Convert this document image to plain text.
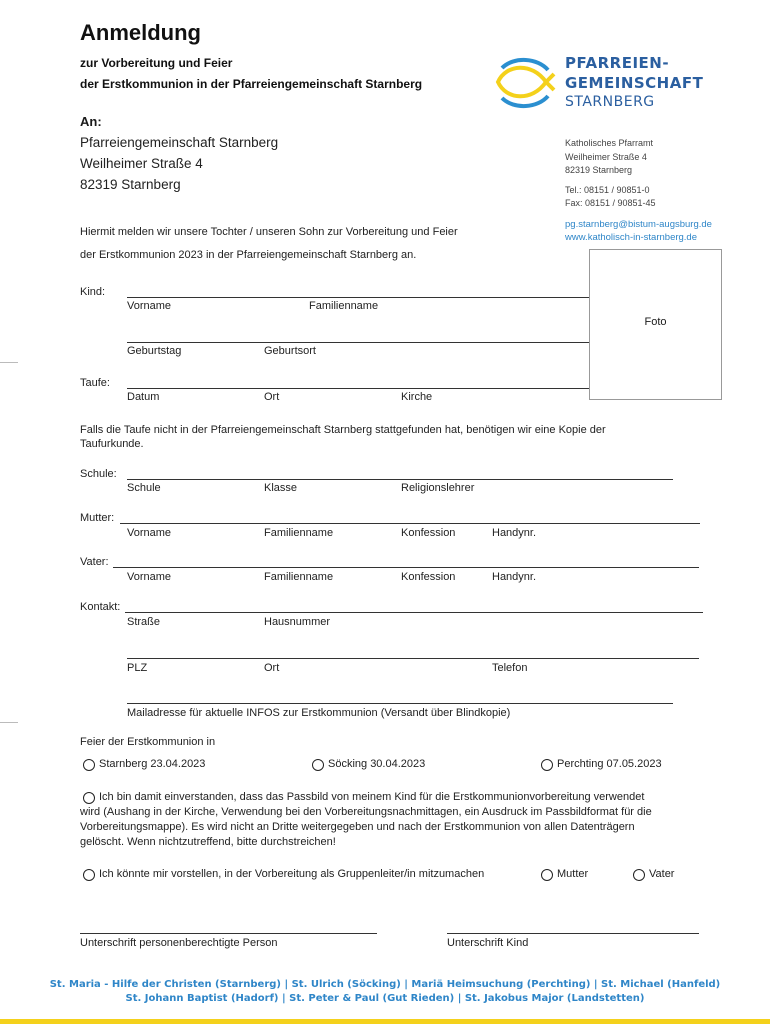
Anmeldung
zur Vorbereitung und Feier
der Erstkommunion in der Pfarreiengemeinschaft Starnberg
PFARREIEN-
GEMEINSCHAFT
STARNBERG
An:
Pfarreiengemeinschaft Starnberg
Weilheimer Straße 4
82319 Starnberg
Katholisches Pfarramt
Weilheimer Straße 4
82319 Starnberg
Tel.: 08151 / 90851-0
Fax: 08151 / 90851-45
pg.starnberg@bistum-augsburg.de
www.katholisch-in-starnberg.de
Hiermit melden wir unsere Tochter / unseren Sohn zur Vorbereitung und Feier
der Erstkommunion 2023 in der Pfarreiengemeinschaft Starnberg an.
Foto
Kind:
Vorname	Familienname
Geburtstag	Geburtsort
Taufe:
Datum	Ort	Kirche
Falls die Taufe nicht in der Pfarreiengemeinschaft Starnberg stattgefunden hat, benötigen wir eine Kopie der
Taufurkunde.
Schule:
Schule	Klasse	Religionslehrer
Mutter:
Vorname	Familienname	Konfession	Handynr.
Vater:
Vorname	Familienname	Konfession	Handynr.
Kontakt:
Straße	Hausnummer
PLZ	Ort	Telefon
Mailadresse für aktuelle INFOS zur Erstkommunion (Versandt über Blindkopie)
Feier der Erstkommunion in
Starnberg 23.04.2023	Söcking 30.04.2023	Perchting 07.05.2023
Ich bin damit einverstanden, dass das Passbild von meinem Kind für die Erstkommunionvorbereitung verwendet
wird (Aushang in der Kirche, Verwendung bei den Vorbereitungsnachmittagen, ein Ausdruck im Passbildformat für die
Vorbereitungsmappe). Es wird nicht an Dritte weitergegeben und nach der Erstkommunion von allen Datenträgern
gelöscht. Wenn nichtzutreffend, bitte durchstreichen!
Ich könnte mir vorstellen, in der Vorbereitung als Gruppenleiter/in mitzumachen	Mutter	Vater
Unterschrift personenberechtigte Person	Unterschrift Kind
St. Maria - Hilfe der Christen (Starnberg) | St. Ulrich (Söcking) | Mariä Heimsuchung (Perchting) | St. Michael (Hanfeld)
St. Johann Baptist (Hadorf) | St. Peter & Paul (Gut Rieden) | St. Jakobus Major (Landstetten)
